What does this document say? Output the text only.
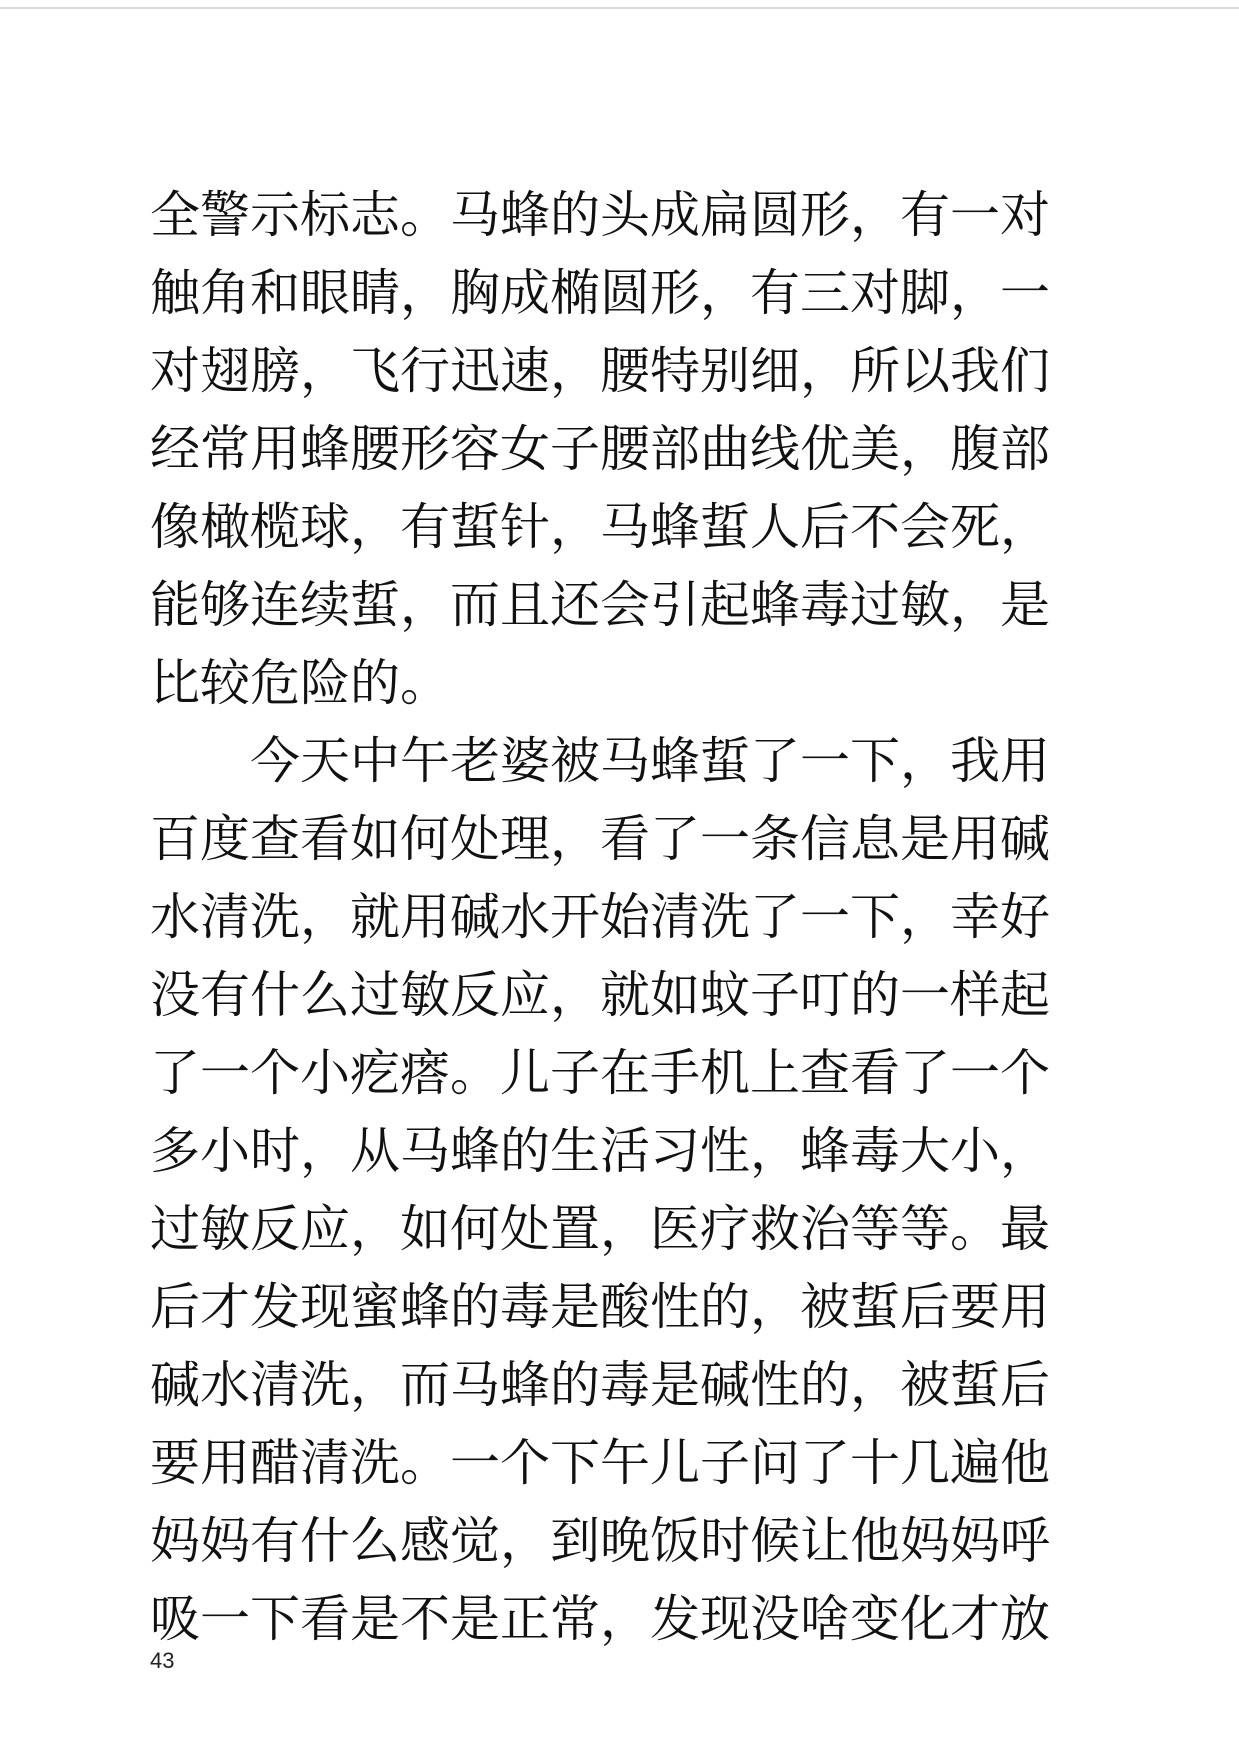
全警示标志。马蜂的头成扁圆形，有一对
触角和眼睛，胸成椭圆形，有三对脚，一
对翅膀，飞行迅速，腰特别细，所以我们
经常用蜂腰形容女子腰部曲线优美，腹部
像橄榄球，有蜇针，马蜂蜇人后不会死，
能够连续蜇，而且还会引起蜂毒过敏，是
比较危险的。
今天中午老婆被马蜂蜇了一下，我用
百度查看如何处理，看了一条信息是用碱
水清洗，就用碱水开始清洗了一下，幸好
没有什么过敏反应，就如蚊子叮的一样起
了一个小疙瘩。儿子在手机上查看了一个
多小时，从马蜂的生活习性，蜂毒大小，
过敏反应，如何处置，医疗救治等等。最
后才发现蜜蜂的毒是酸性的，被蜇后要用
碱水清洗，而马蜂的毒是碱性的，被蜇后
要用醋清洗。一个下午儿子问了十几遍他
妈妈有什么感觉，到晚饭时候让他妈妈呼
吸一下看是不是正常，发现没啥变化才放
43
